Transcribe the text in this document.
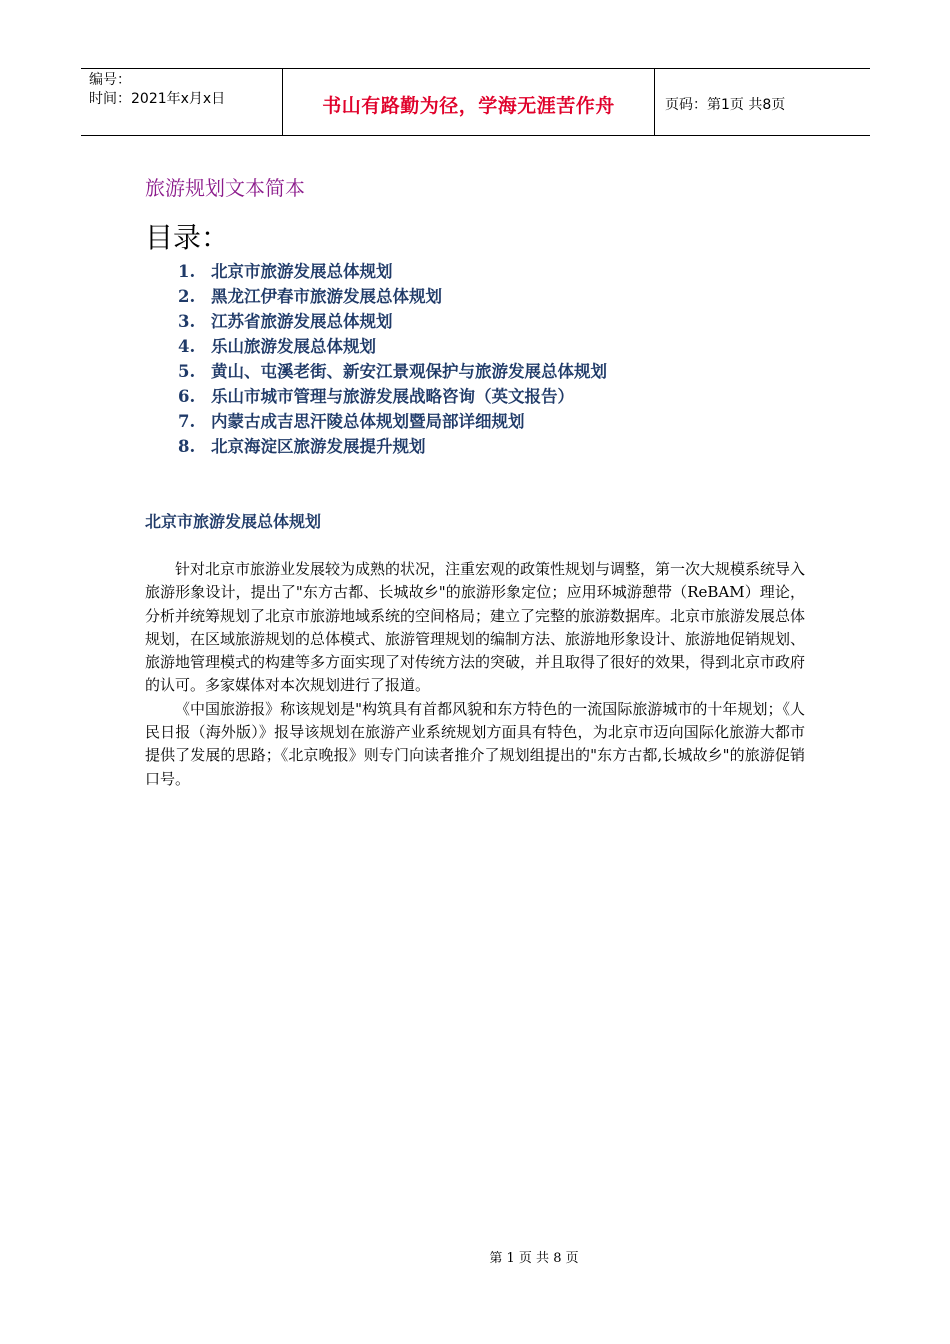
编号：
时间：2021年x月x日	书山有路勤为径，学海无涯苦作舟	页码：第1页 共8页
旅游规划文本简本
目录：
1. 北京市旅游发展总体规划
2. 黑龙江伊春市旅游发展总体规划
3. 江苏省旅游发展总体规划
4. 乐山旅游发展总体规划
5. 黄山、屯溪老街、新安江景观保护与旅游发展总体规划
6. 乐山市城市管理与旅游发展战略咨询（英文报告）
7. 内蒙古成吉思汗陵总体规划暨局部详细规划
8. 北京海淀区旅游发展提升规划
北京市旅游发展总体规划

针对北京市旅游业发展较为成熟的状况，注重宏观的政策性规划与调整，第一次大规模系统导入旅游形象设计，提出了"东方古都、长城故乡"的旅游形象定位；应用环城游憩带（ReBAM）理论，分析并统筹规划了北京市旅游地域系统的空间格局；建立了完整的旅游数据库。北京市旅游发展总体规划，在区域旅游规划的总体模式、旅游管理规划的编制方法、旅游地形象设计、旅游地促销规划、旅游地管理模式的构建等多方面实现了对传统方法的突破，并且取得了很好的效果，得到北京市政府的认可。多家媒体对本次规划进行了报道。

《中国旅游报》称该规划是"构筑具有首都风貌和东方特色的一流国际旅游城市的十年规划；《人民日报（海外版）》报导该规划在旅游产业系统规划方面具有特色，为北京市迈向国际化旅游大都市提供了发展的思路；《北京晚报》则专门向读者推介了规划组提出的"东方古都,长城故乡"的旅游促销口号。

第 1 页 共 8 页
